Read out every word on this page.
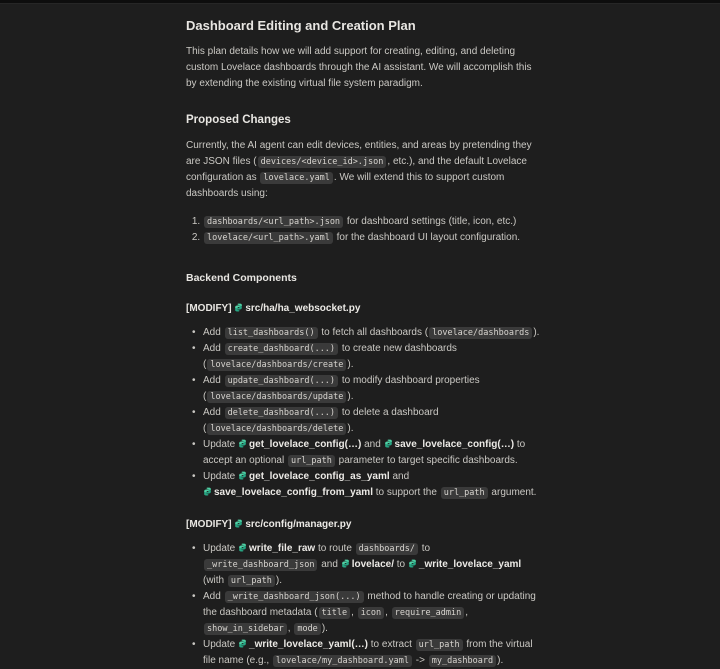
Dashboard Editing and Creation Plan

This plan details how we will add support for creating, editing, and deleting custom Lovelace dashboards through the AI assistant. We will accomplish this by extending the existing virtual file system paradigm.

Proposed Changes

Currently, the AI agent can edit devices, entities, and areas by pretending they are JSON files ( devices/<device_id>.json , etc.), and the default Lovelace configuration as lovelace.yaml . We will extend this to support custom dashboards using:

1. dashboards/<url_path>.json for dashboard settings (title, icon, etc.)
2. lovelace/<url_path>.yaml for the dashboard UI layout configuration.
Backend Components
[MODIFY] src/ha/ha_websocket.py
• Add list_dashboards() to fetch all dashboards ( lovelace/dashboards ).
• Add create_dashboard(...) to create new dashboards ( lovelace/dashboards/create ).
• Add update_dashboard(...) to modify dashboard properties ( lovelace/dashboards/update ).
• Add delete_dashboard(...) to delete a dashboard ( lovelace/dashboards/delete ).
• Update get_lovelace_config(…) and save_lovelace_config(…) to accept an optional url_path parameter to target specific dashboards.
• Update get_lovelace_config_as_yaml and save_lovelace_config_from_yaml to support the url_path argument.
[MODIFY] src/config/manager.py
• Update write_file_raw to route dashboards/ to _write_dashboard_json and lovelace/ to _write_lovelace_yaml (with url_path ).
• Add _write_dashboard_json(...) method to handle creating or updating the dashboard metadata ( title , icon , require_admin , show_in_sidebar , mode ).
• Update _write_lovelace_yaml(…) to extract url_path from the virtual file name (e.g., lovelace/my_dashboard.yaml -> my_dashboard ).
